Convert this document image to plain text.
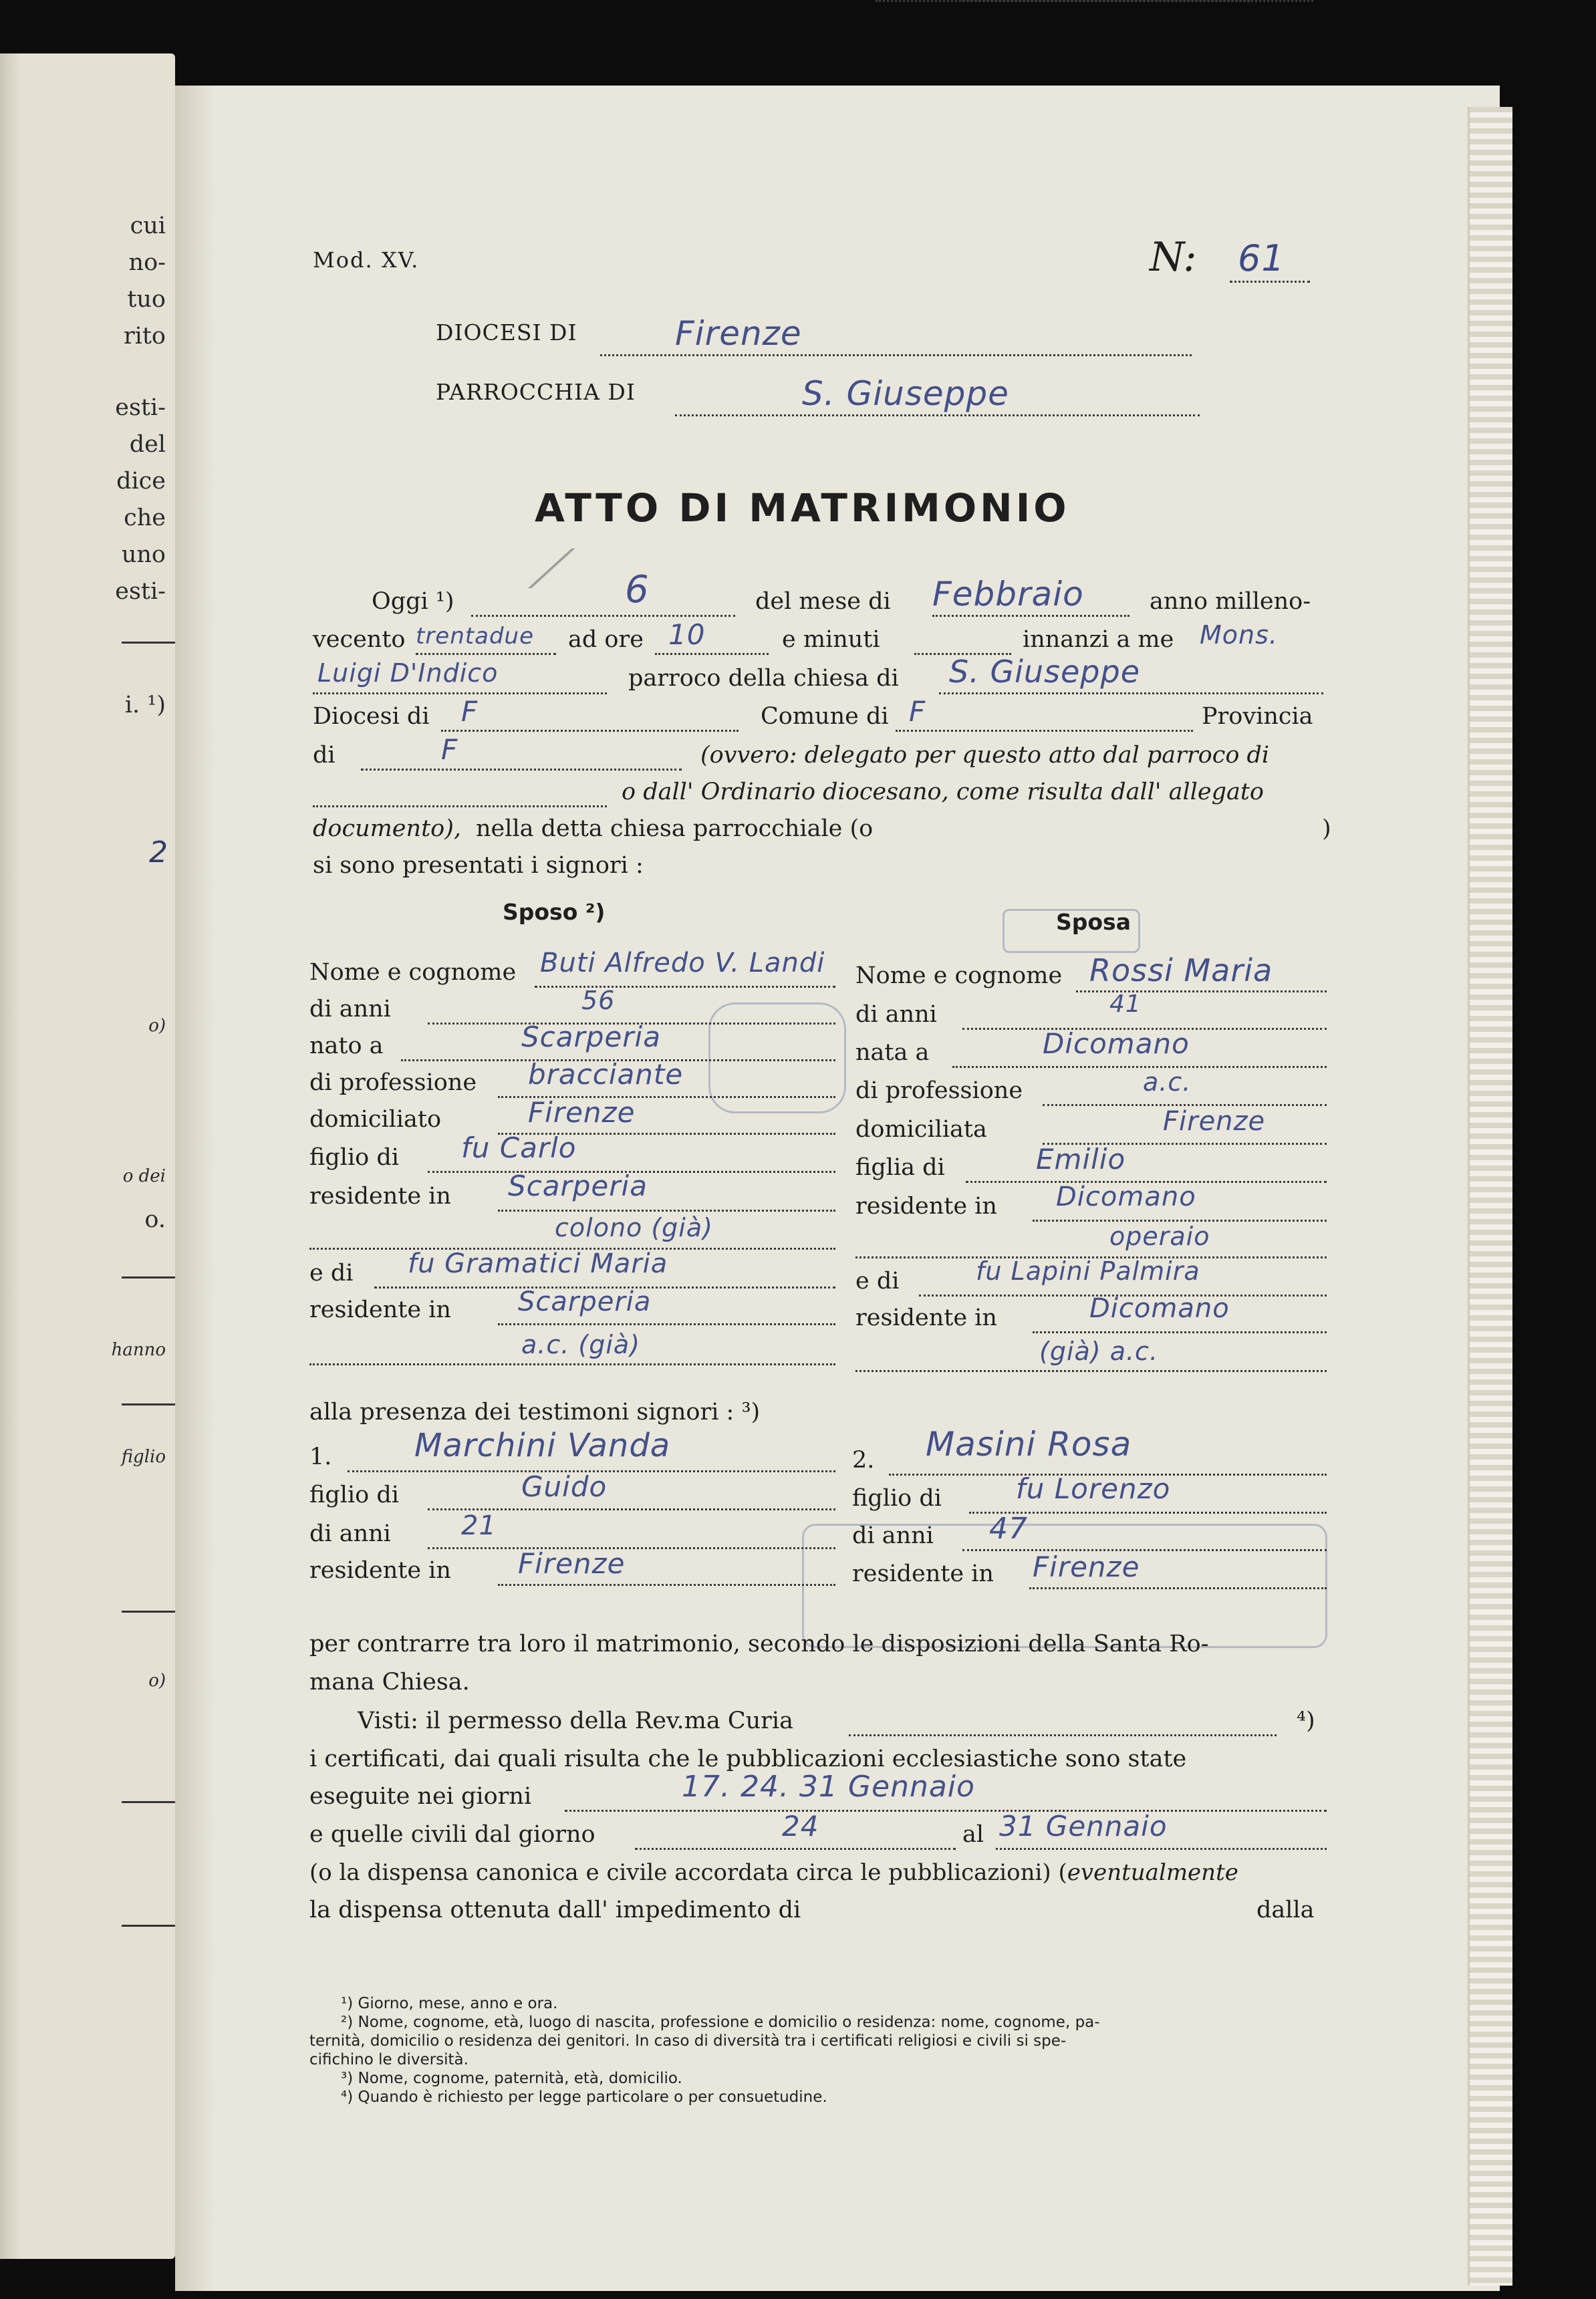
cui
no-
tuo
rito
esti-
del
dice
che
uno
esti-
i. ¹)
2
o)
o dei
o.
hanno
figlio
o)
Mod. XV.	N: 61
DIOCESI DI	Firenze
PARROCCHIA DI	S. Giuseppe
ATTO DI MATRIMONIO
⟋
Oggi ¹)	6	del mese di Febbraio	anno milleno-
vecento trentadue ad ore 10	e minuti	innanzi a me Mons.
Luigi D'Indico	parroco della chiesa di S. Giuseppe
Diocesi di F	Comune di F	Provincia
di	F	(ovvero: delegato per questo atto dal parroco di
o dall' Ordinario diocesano, come risulta dall' allegato
documento), nella detta chiesa parrocchiale (o	)
si sono presentati i signori :
Sposo ²)	Sposa
Nome e cognome Buti Alfredo V. Landi
di anni	56
nato a	Scarperia
di professione bracciante
domiciliato	Firenze
figlio di fu Carlo
residente in Scarperia
colono (già)
e di fu Gramatici Maria
residente in	Scarperia
a.c. (già)
Nome e cognome Rossi Maria
di anni	41
nata a	Dicomano
di professione	a.c.
domiciliata	Firenze
figlia di	Emilio
residente in Dicomano
operaio
e di	fu Lapini Palmira
residente in	Dicomano
(già) a.c.
alla presenza dei testimoni signori : ³)
1.	Marchini Vanda
figlio di	Guido
di anni	21
residente in Firenze
2. Masini Rosa
figlio di	fu Lorenzo
di anni 47
residente in Firenze
per contrarre tra loro il matrimonio, secondo le disposizioni della Santa Ro-
mana Chiesa.
Visti: il permesso della Rev.ma Curia	⁴)
i certificati, dai quali risulta che le pubblicazioni ecclesiastiche sono state
eseguite nei giorni	17. 24. 31 Gennaio
e quelle civili dal giorno	24	al 31 Gennaio
(o la dispensa canonica e civile accordata circa le pubblicazioni) (eventualmente
la dispensa ottenuta dall' impedimento di	dalla
¹) Giorno, mese, anno e ora.
²) Nome, cognome, età, luogo di nascita, professione e domicilio o residenza: nome, cognome, pa-
ternità, domicilio o residenza dei genitori. In caso di diversità tra i certificati religiosi e civili si spe-
cifichino le diversità.
³) Nome, cognome, paternità, età, domicilio.
⁴) Quando è richiesto per legge particolare o per consuetudine.
